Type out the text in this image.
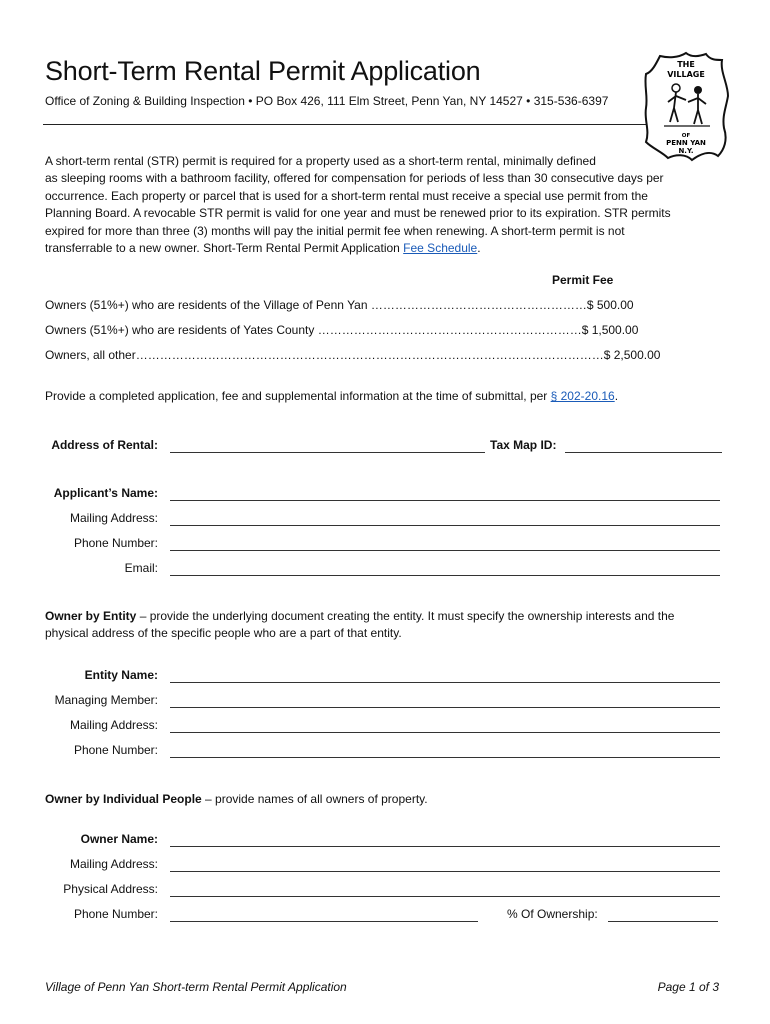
Short-Term Rental Permit Application
Office of Zoning & Building Inspection • PO Box 426, 111 Elm Street, Penn Yan, NY 14527 • 315-536-6397
THE
VILLAGE
OF
PENN YAN
N.Y.
A short-term rental (STR) permit is required for a property used as a short-term rental, minimally defined
as sleeping rooms with a bathroom facility, offered for compensation for periods of less than 30 consecutive days per
occurrence. Each property or parcel that is used for a short-term rental must receive a special use permit from the
Planning Board. A revocable STR permit is valid for one year and must be renewed prior to its expiration. STR permits
expired for more than three (3) months will pay the initial permit fee when renewing. A short-term permit is not
transferrable to a new owner. Short-Term Rental Permit Application Fee Schedule.
Permit Fee
Owners (51%+) who are residents of the Village of Penn Yan ………………………………………………$ 500.00
Owners (51%+) who are residents of Yates County …………………………………………………………$ 1,500.00
Owners, all other………………………………………………………………………………………………………$ 2,500.00
Provide a completed application, fee and supplemental information at the time of submittal, per § 202-20.16.
Address of Rental:	Tax Map ID:
Applicant’s Name:
Mailing Address:
Phone Number:
Email:
Owner by Entity – provide the underlying document creating the entity. It must specify the ownership interests and the
physical address of the specific people who are a part of that entity.
Entity Name:
Managing Member:
Mailing Address:
Phone Number:
Owner by Individual People – provide names of all owners of property.
Owner Name:
Mailing Address:
Physical Address:
Phone Number:	% Of Ownership:
Village of Penn Yan Short-term Rental Permit Application	Page 1 of 3
